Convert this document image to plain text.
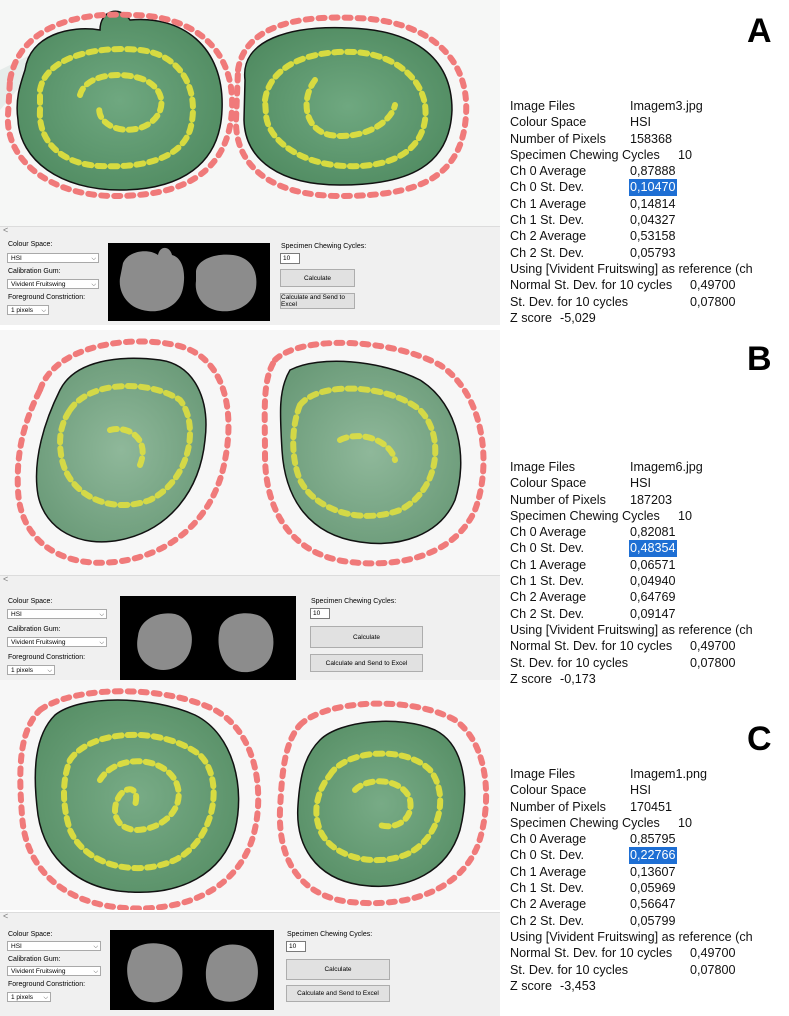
A
<
Colour Space:
HSI	⌵
Calibration Gum:
Vivident Fruitswing	⌵
Foreground Constriction:
1 pixels ⌵
Specimen Chewing Cycles:
10
Calculate
Calculate and Send to Excel
Image Files	Imagem3.jpg
Colour Space	HSI
Number of Pixels 158368
Specimen Chewing Cycles 10
Ch 0 Average	0,87888
Ch 0 St. Dev.	0,10470
Ch 1 Average	0,14814
Ch 1 St. Dev.	0,04327
Ch 2 Average	0,53158
Ch 2 St. Dev.	0,05793
Using [Vivident Fruitswing] as reference (ch
Normal St. Dev. for 10 cycles 0,49700
St. Dev. for 10 cycles	0,07800
Z score -5,029
B
<
Colour Space:
HSI	⌵
Calibration Gum:
Vivident Fruitswing	⌵
Foreground Constriction:
1 pixels ⌵
Specimen Chewing Cycles:
10
Calculate
Calculate and Send to Excel
Image Files	Imagem6.jpg
Colour Space	HSI
Number of Pixels 187203
Specimen Chewing Cycles 10
Ch 0 Average	0,82081
Ch 0 St. Dev.	0,48354
Ch 1 Average	0,06571
Ch 1 St. Dev.	0,04940
Ch 2 Average	0,64769
Ch 2 St. Dev.	0,09147
Using [Vivident Fruitswing] as reference (ch
Normal St. Dev. for 10 cycles 0,49700
St. Dev. for 10 cycles	0,07800
Z score -0,173
C
<
Colour Space:
HSI	⌵
Calibration Gum:
Vivident Fruitswing	⌵
Foreground Constriction:
1 pixels ⌵
Specimen Chewing Cycles:
10
Calculate
Calculate and Send to Excel
Image Files	Imagem1.png
Colour Space	HSI
Number of Pixels 170451
Specimen Chewing Cycles 10
Ch 0 Average	0,85795
Ch 0 St. Dev.	0,22766
Ch 1 Average	0,13607
Ch 1 St. Dev.	0,05969
Ch 2 Average	0,56647
Ch 2 St. Dev.	0,05799
Using [Vivident Fruitswing] as reference (ch
Normal St. Dev. for 10 cycles 0,49700
St. Dev. for 10 cycles	0,07800
Z score -3,453
